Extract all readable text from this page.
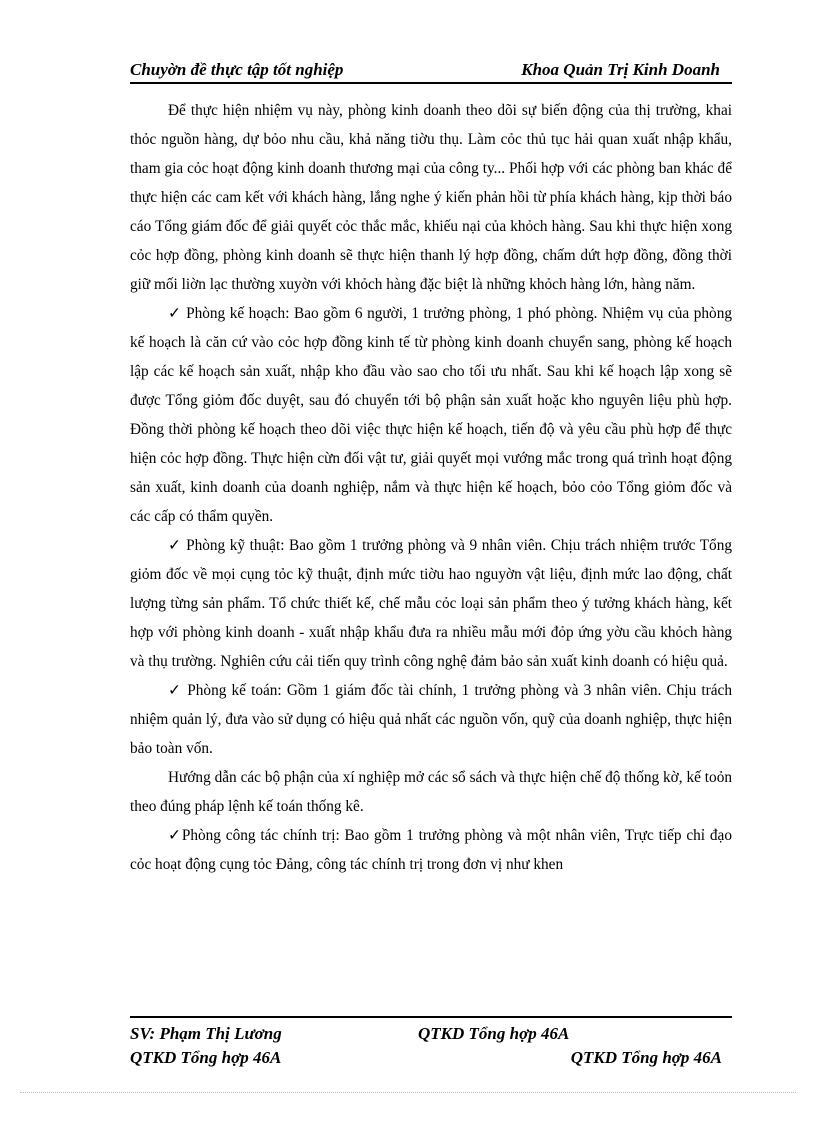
Chuyờn đề thực tập tốt nghiệp	Khoa Quản Trị Kinh Doanh

Để thực hiện nhiệm vụ này, phòng kinh doanh theo dõi sự biến động của thị trường, khai thỏc nguồn hàng, dự bỏo nhu cầu, khả năng tiờu thụ. Làm cỏc thủ tục hải quan xuất nhập khẩu, tham gia cỏc hoạt động kinh doanh thương mại của công ty... Phối hợp với các phòng ban khác để thực hiện các cam kết với khách hàng, lắng nghe ý kiến phản hồi từ phía khách hàng, kịp thời báo cáo Tổng giám đốc để giải quyết cỏc thắc mắc, khiếu nại của khỏch hàng. Sau khi thực hiện xong cỏc hợp đồng, phòng kinh doanh sẽ thực hiện thanh lý hợp đồng, chấm dứt hợp đồng, đồng thời giữ mối liờn lạc thường xuyờn với khỏch hàng đặc biệt là những khỏch hàng lớn, hàng năm.

✓ Phòng kế hoạch: Bao gồm 6 người, 1 trưởng phòng, 1 phó phòng. Nhiệm vụ của phòng kế hoạch là căn cứ vào cỏc hợp đồng kinh tế từ phòng kinh doanh chuyển sang, phòng kế hoạch lập các kế hoạch sản xuất, nhập kho đầu vào sao cho tối ưu nhất. Sau khi kế hoạch lập xong sẽ được Tổng giỏm đốc duyệt, sau đó chuyển tới bộ phận sản xuất hoặc kho nguyên liệu phù hợp. Đồng thời phòng kế hoạch theo dõi việc thực hiện kế hoạch, tiến độ và yêu cầu phù hợp để thực hiện cỏc hợp đồng. Thực hiện cừn đối vật tư, giải quyết mọi vướng mắc trong quá trình hoạt động sản xuất, kinh doanh của doanh nghiệp, nắm và thực hiện kế hoạch, bỏo cỏo Tổng giỏm đốc và các cấp có thẩm quyền.

✓ Phòng kỹ thuật: Bao gồm 1 trưởng phòng và 9 nhân viên. Chịu trách nhiệm trước Tổng giỏm đốc về mọi cụng tỏc kỹ thuật, định mức tiờu hao nguyờn vật liệu, định mức lao động, chất lượng từng sản phẩm. Tổ chức thiết kế, chế mẫu cỏc loại sản phẩm theo ý tưởng khách hàng, kết hợp với phòng kinh doanh - xuất nhập khẩu đưa ra nhiều mẫu mới đỏp ứng yờu cầu khỏch hàng và thụ trường. Nghiên cứu cải tiến quy trình công nghệ đảm bảo sản xuất kinh doanh có hiệu quả.

✓ Phòng kế toán: Gồm 1 giám đốc tài chính, 1 trưởng phòng và 3 nhân viên. Chịu trách nhiệm quản lý, đưa vào sử dụng có hiệu quả nhất các nguồn vốn, quỹ của doanh nghiệp, thực hiện bảo toàn vốn.

Hướng dẫn các bộ phận của xí nghiệp mở các sổ sách và thực hiện chế độ thống kờ, kế toỏn theo đúng pháp lệnh kế toán thống kê.

✓Phòng công tác chính trị: Bao gồm 1 trưởng phòng và một nhân viên, Trực tiếp chỉ đạo cỏc hoạt động cụng tỏc Đảng, công tác chính trị trong đơn vị như khen

SV: Phạm Thị Lương	QTKD Tổng hợp 46A
QTKD Tổng hợp 46A	QTKD Tổng hợp 46A
